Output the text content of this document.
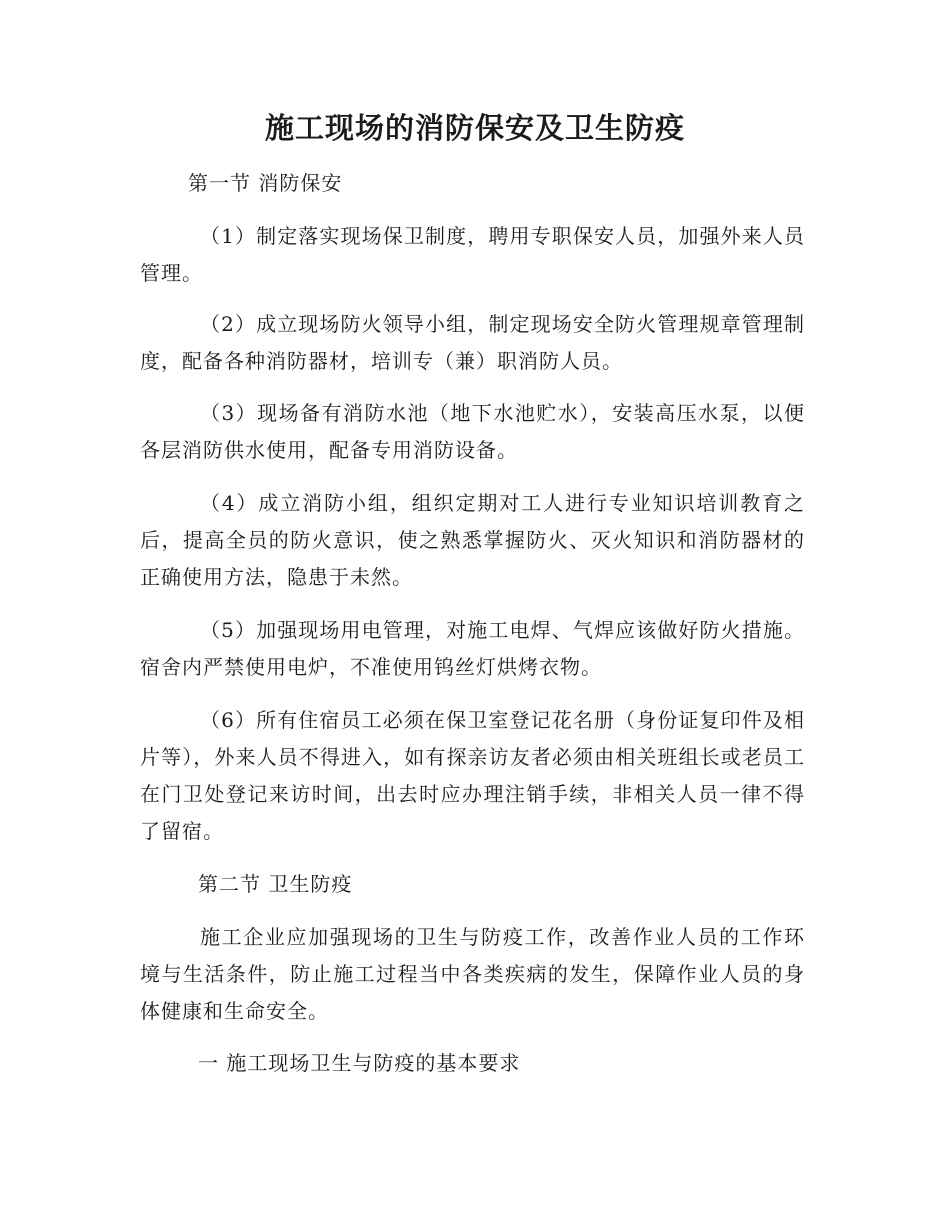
施工现场的消防保安及卫生防疫

第一节 消防保安

（1）制定落实现场保卫制度，聘用专职保安人员，加强外来人员管理。

（2）成立现场防火领导小组，制定现场安全防火管理规章管理制度，配备各种消防器材，培训专（兼）职消防人员。

（3）现场备有消防水池（地下水池贮水），安装高压水泵，以便各层消防供水使用，配备专用消防设备。

（4）成立消防小组，组织定期对工人进行专业知识培训教育之后，提高全员的防火意识，使之熟悉掌握防火、灭火知识和消防器材的正确使用方法，隐患于未然。

（5）加强现场用电管理，对施工电焊、气焊应该做好防火措施。宿舍内严禁使用电炉，不准使用钨丝灯烘烤衣物。

（6）所有住宿员工必须在保卫室登记花名册（身份证复印件及相片等），外来人员不得进入，如有探亲访友者必须由相关班组长或老员工在门卫处登记来访时间，出去时应办理注销手续，非相关人员一律不得了留宿。

第二节 卫生防疫

施工企业应加强现场的卫生与防疫工作，改善作业人员的工作环境与生活条件，防止施工过程当中各类疾病的发生，保障作业人员的身体健康和生命安全。

一 施工现场卫生与防疫的基本要求
